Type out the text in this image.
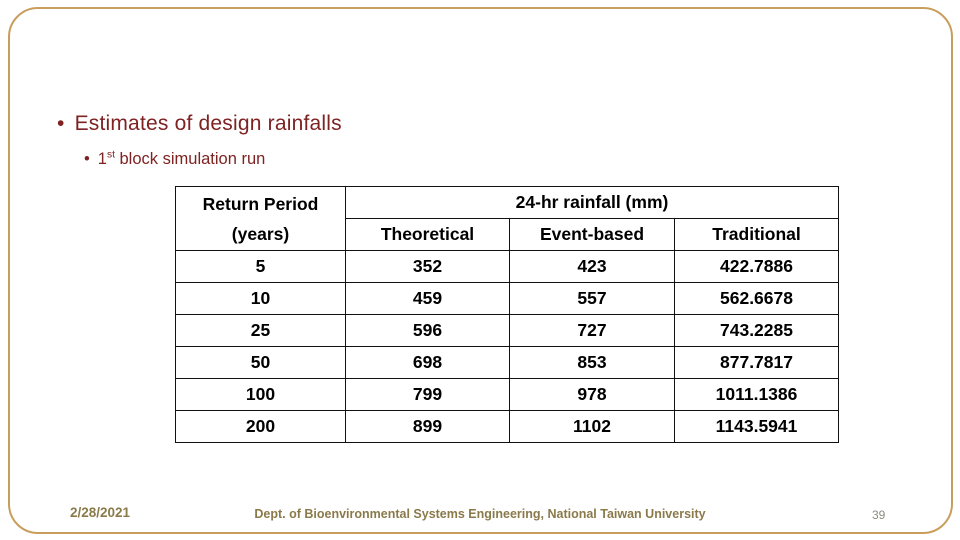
• Estimates of design rainfalls
• 1st block simulation run
Return Period (years)	24-hr rainfall (mm)		
	Theoretical	Event-based	Traditional
5	352	423	422.7886
10	459	557	562.6678
25	596	727	743.2285
50	698	853	877.7817
100	799	978	1011.1386
200	899	1102	1143.5941
2/28/2021	Dept. of Bioenvironmental Systems Engineering, National Taiwan University	39
